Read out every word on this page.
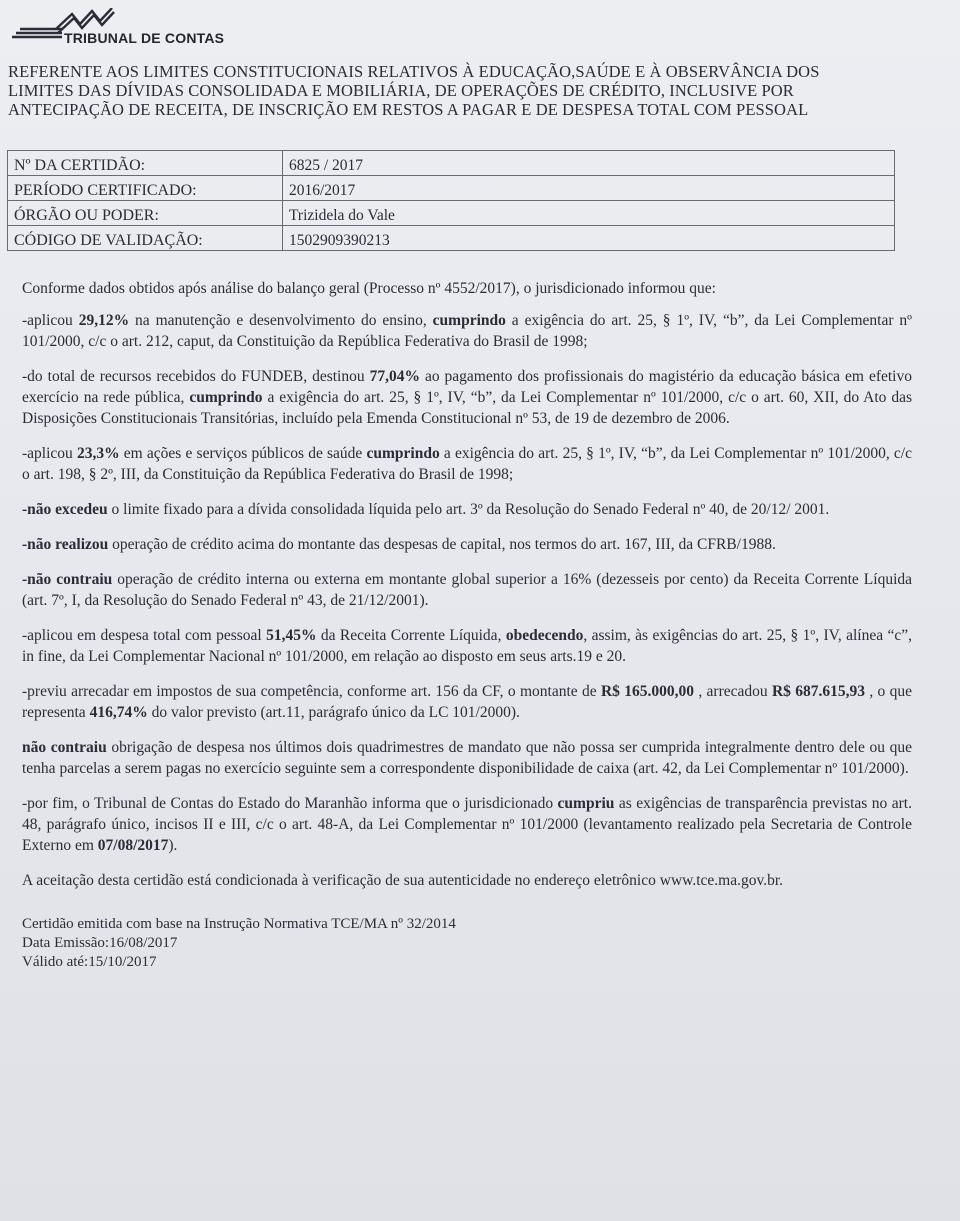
TRIBUNAL DE CONTAS
REFERENTE AOS LIMITES CONSTITUCIONAIS RELATIVOS À EDUCAÇÃO,SAÚDE E À OBSERVÂNCIA DOS
LIMITES DAS DÍVIDAS CONSOLIDADA E MOBILIÁRIA, DE OPERAÇÕES DE CRÉDITO, INCLUSIVE POR
ANTECIPAÇÃO DE RECEITA, DE INSCRIÇÃO EM RESTOS A PAGAR E DE DESPESA TOTAL COM PESSOAL
Nº DA CERTIDÃO:	6825 / 2017
PERÍODO CERTIFICADO:	2016/2017
ÓRGÃO OU PODER:	Trizidela do Vale
CÓDIGO DE VALIDAÇÃO:	1502909390213

Conforme dados obtidos após análise do balanço geral (Processo nº 4552/2017), o jurisdicionado informou que:

-aplicou 29,12% na manutenção e desenvolvimento do ensino, cumprindo a exigência do art. 25, § 1º, IV, “b”, da Lei Complementar nº 101/2000, c/c o art. 212, caput, da Constituição da República Federativa do Brasil de 1998;

-do total de recursos recebidos do FUNDEB, destinou 77,04% ao pagamento dos profissionais do magistério da educação básica em efetivo exercício na rede pública, cumprindo a exigência do art. 25, § 1º, IV, “b”, da Lei Complementar nº 101/2000, c/c o art. 60, XII, do Ato das Disposições Constitucionais Transitórias, incluído pela Emenda Constitucional nº 53, de 19 de dezembro de 2006.

-aplicou 23,3% em ações e serviços públicos de saúde cumprindo a exigência do art. 25, § 1º, IV, “b”, da Lei Complementar nº 101/2000, c/c o art. 198, § 2º, III, da Constituição da República Federativa do Brasil de 1998;

-não excedeu o limite fixado para a dívida consolidada líquida pelo art. 3º da Resolução do Senado Federal nº 40, de 20/12/ 2001.

-não realizou operação de crédito acima do montante das despesas de capital, nos termos do art. 167, III, da CFRB/1988.

-não contraiu operação de crédito interna ou externa em montante global superior a 16% (dezesseis por cento) da Receita Corrente Líquida (art. 7º, I, da Resolução do Senado Federal nº 43, de 21/12/2001).

-aplicou em despesa total com pessoal 51,45% da Receita Corrente Líquida, obedecendo, assim, às exigências do art. 25, § 1º, IV, alínea “c”, in fine, da Lei Complementar Nacional nº 101/2000, em relação ao disposto em seus arts.19 e 20.

-previu arrecadar em impostos de sua competência, conforme art. 156 da CF, o montante de R$ 165.000,00 , arrecadou R$ 687.615,93 , o que representa 416,74% do valor previsto (art.11, parágrafo único da LC 101/2000).

não contraiu obrigação de despesa nos últimos dois quadrimestres de mandato que não possa ser cumprida integralmente dentro dele ou que tenha parcelas a serem pagas no exercício seguinte sem a correspondente disponibilidade de caixa (art. 42, da Lei Complementar nº 101/2000).

-por fim, o Tribunal de Contas do Estado do Maranhão informa que o jurisdicionado cumpriu as exigências de transparência previstas no art. 48, parágrafo único, incisos II e III, c/c o art. 48-A, da Lei Complementar nº 101/2000 (levantamento realizado pela Secretaria de Controle Externo em 07/08/2017).

A aceitação desta certidão está condicionada à verificação de sua autenticidade no endereço eletrônico www.tce.ma.gov.br.

Certidão emitida com base na Instrução Normativa TCE/MA nº 32/2014
Data Emissão:16/08/2017
Válido até:15/10/2017
